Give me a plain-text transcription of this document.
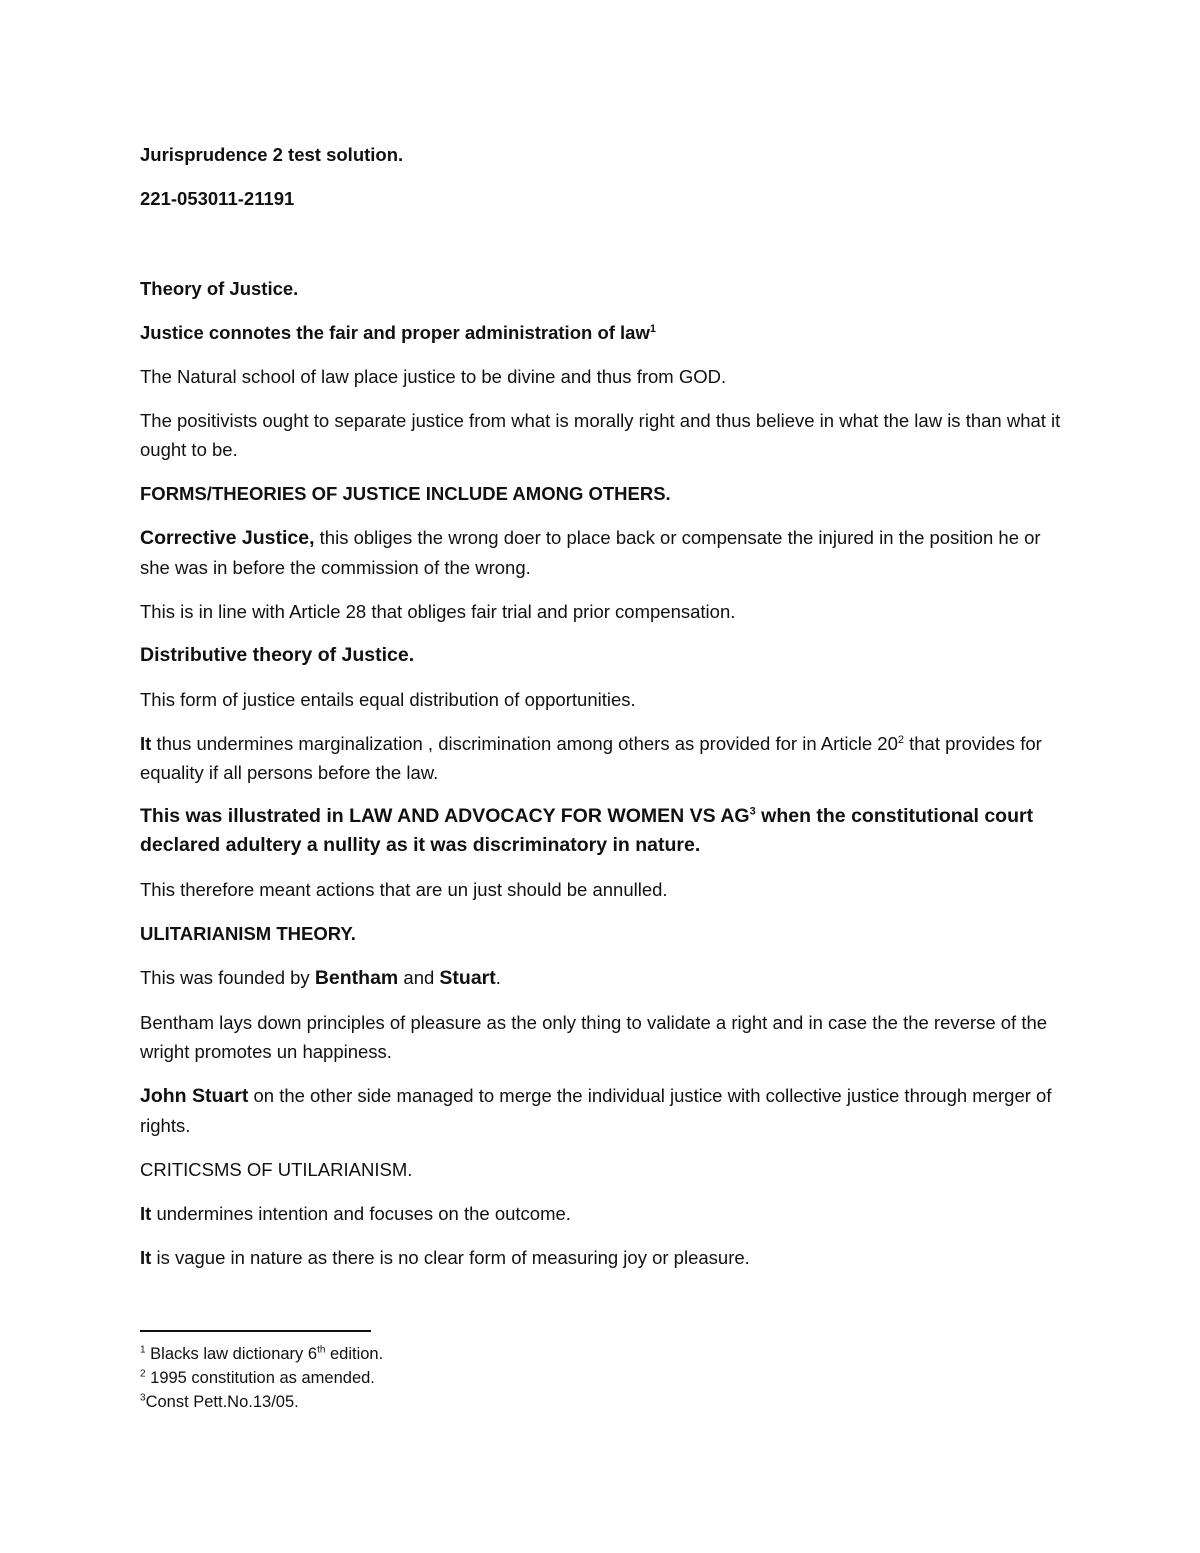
Jurisprudence 2 test solution.

221-053011-21191

Theory of Justice.

Justice connotes the fair and proper administration of law$^1$

The Natural school of law place justice to be divine and thus from GOD.

The positivists ought to separate justice from what is morally right and thus believe in what the law is than what it ought to be.

FORMS/THEORIES OF JUSTICE INCLUDE AMONG OTHERS.

Corrective Justice, this obliges the wrong doer to place back or compensate the injured in the position he or she was in before the commission of the wrong.

This is in line with Article 28 that obliges fair trial and prior compensation.

Distributive theory of Justice.

This form of justice entails equal distribution of opportunities.

It thus undermines marginalization , discrimination among others as provided for in Article $20^2$ that provides for equality if all persons before the law.

This was illustrated in LAW AND ADVOCACY FOR WOMEN VS $AG^3$ when the constitutional court declared adultery a nullity as it was discriminatory in nature.

This therefore meant actions that are un just should be annulled.

ULITARIANISM THEORY.

This was founded by Bentham and Stuart.

Bentham lays down principles of pleasure as the only thing to validate a right and in case the the reverse of the wright promotes un happiness.

John Stuart on the other side managed to merge the individual justice with collective justice through merger of rights.

CRITICSMS OF UTILARIANISM.

It undermines intention and focuses on the outcome.

It is vague in nature as there is no clear form of measuring joy or pleasure.

$^1$ Blacks law dictionary 6th edition.

$^2$ 1995 constitution as amended.

$^3$Const Pett.No.13/05.
